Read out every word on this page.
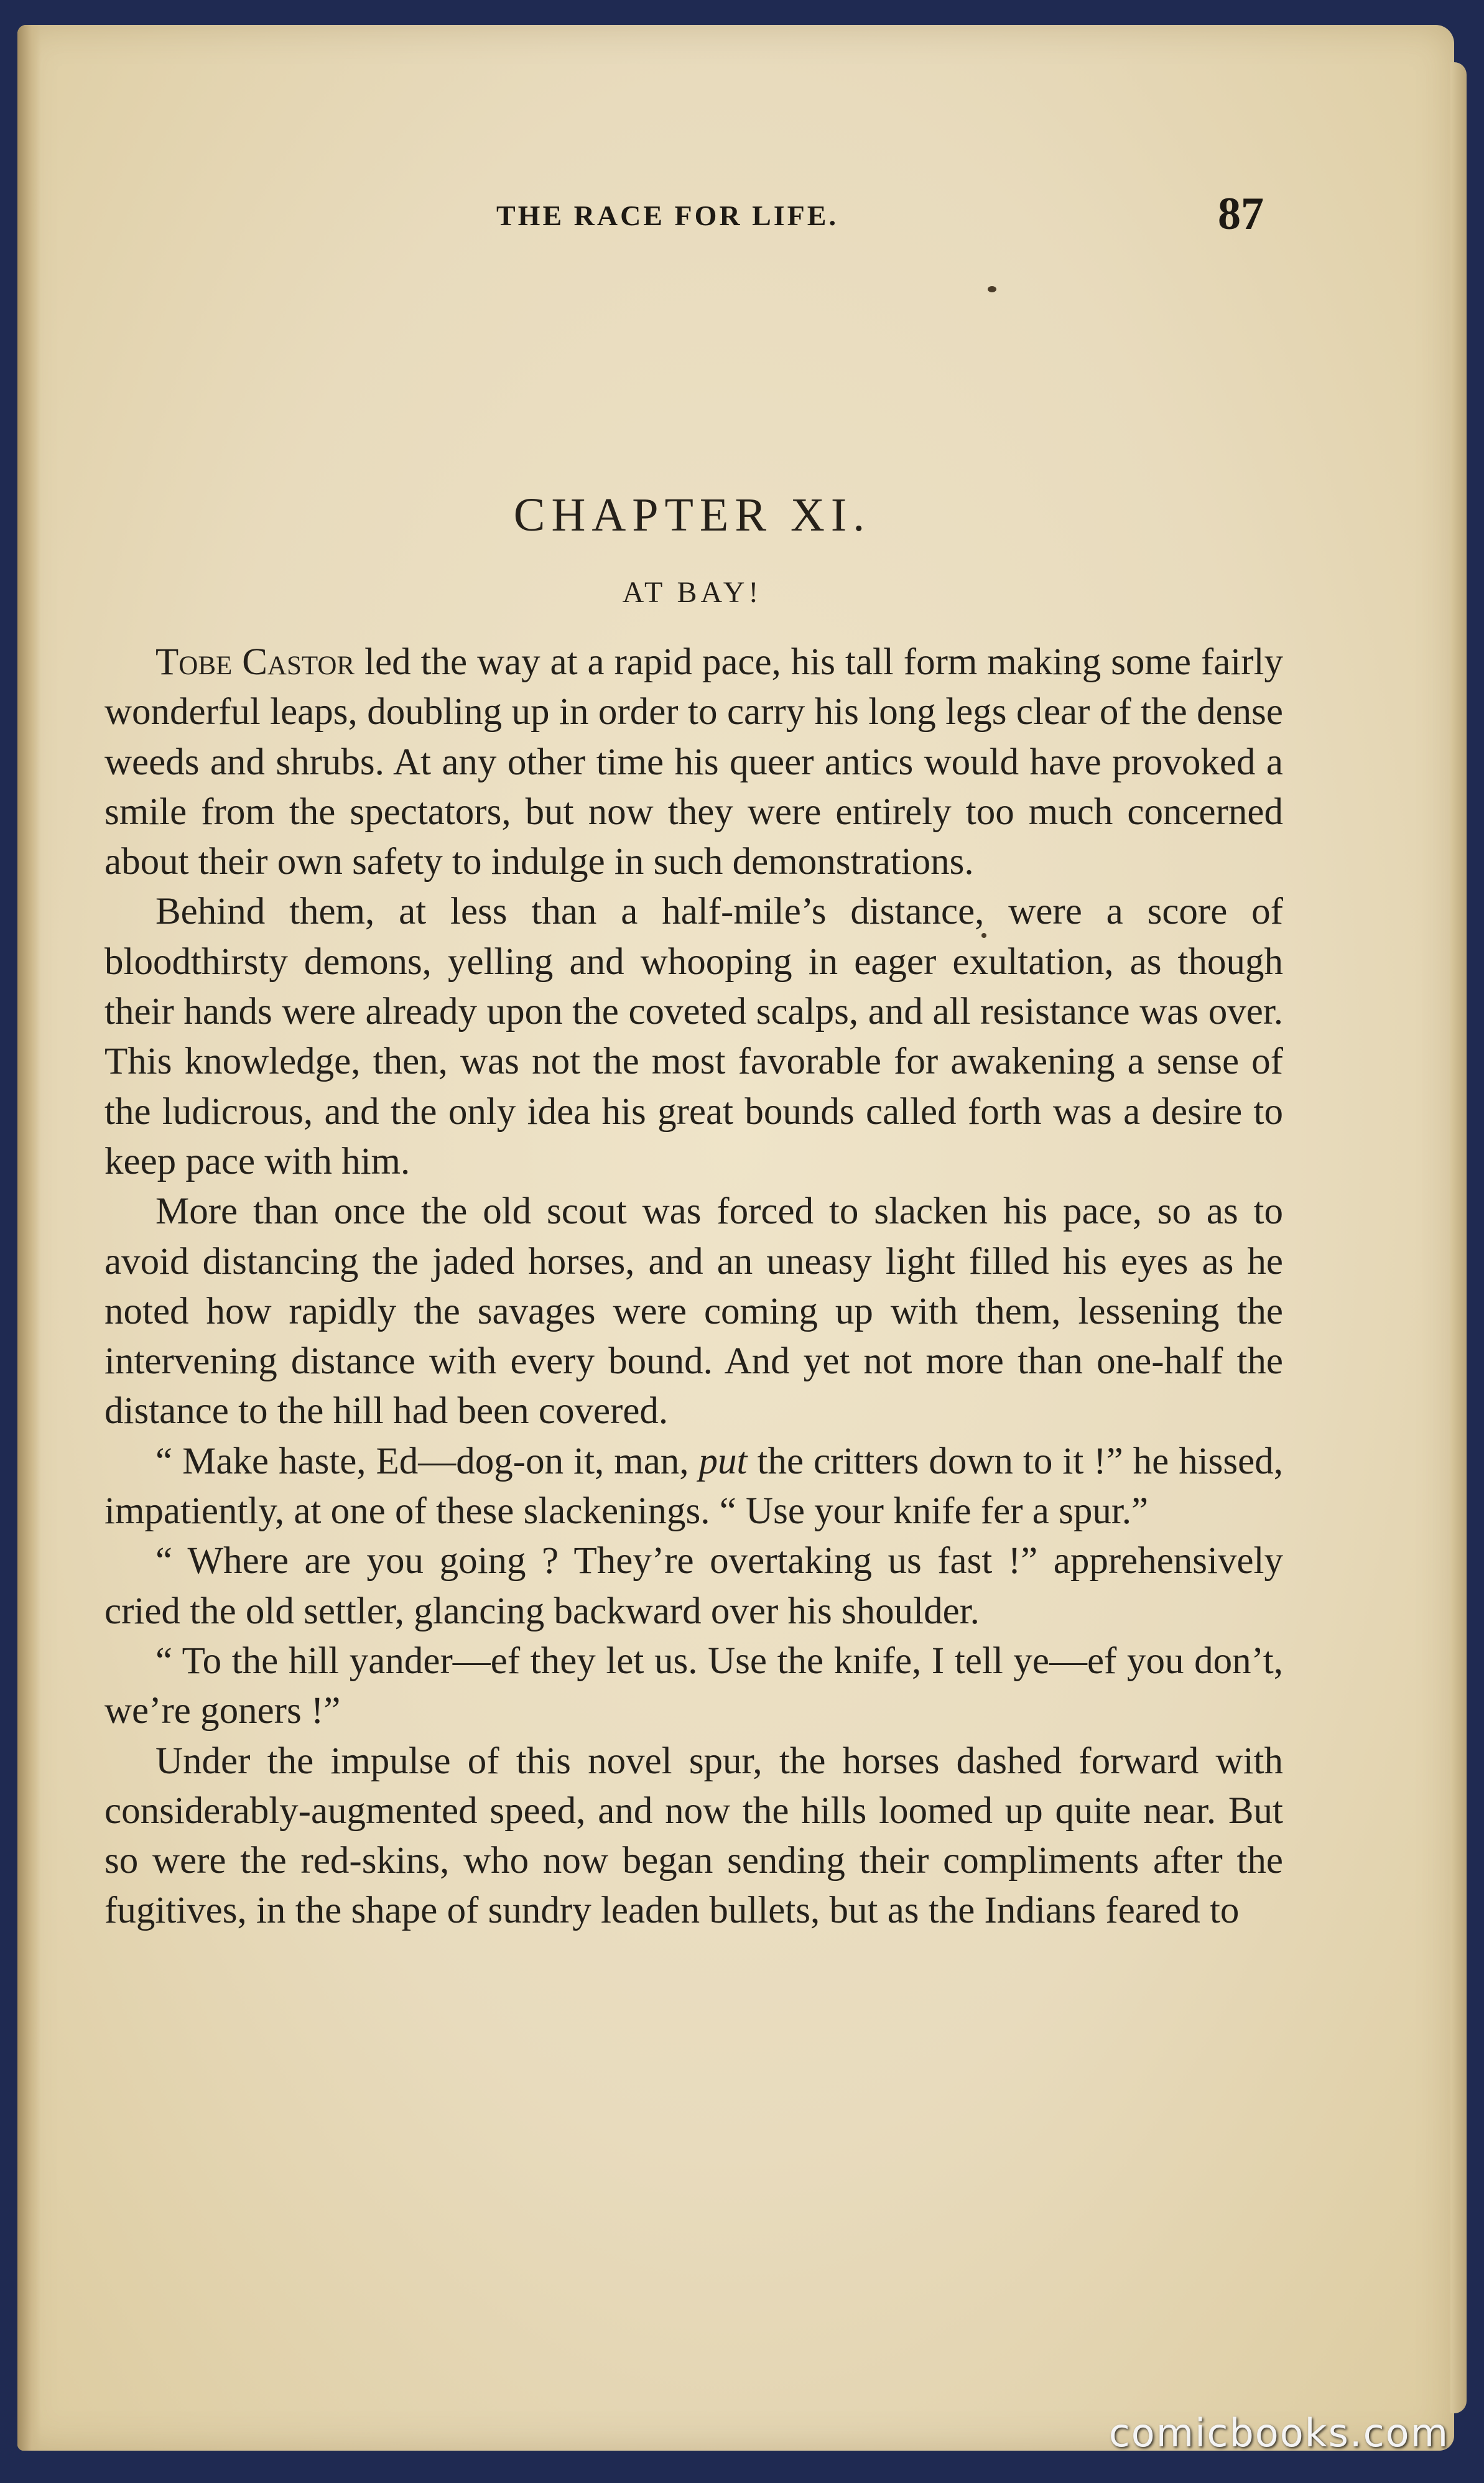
THE RACE FOR LIFE.	87
CHAPTER XI.
AT BAY!

Tobe Castor led the way at a rapid pace, his tall form making some fairly wonderful leaps, doubling up in order to carry his long legs clear of the dense weeds and shrubs. At any other time his queer antics would have provoked a smile from the spectators, but now they were entirely too much concerned about their own safety to indulge in such demonstrations.

Behind them, at less than a half-mile’s distance, were a score of bloodthirsty demons, yelling and whooping in eager exultation, as though their hands were already upon the coveted scalps, and all resistance was over. This knowledge, then, was not the most favorable for awakening a sense of the ludicrous, and the only idea his great bounds called forth was a desire to keep pace with him.

More than once the old scout was forced to slacken his pace, so as to avoid distancing the jaded horses, and an uneasy light filled his eyes as he noted how rapidly the savages were coming up with them, lessening the intervening distance with every bound. And yet not more than one-half the distance to the hill had been covered.

“ Make haste, Ed—dog-on it, man, put the critters down to it !” he hissed, impatiently, at one of these slackenings. “ Use your knife fer a spur.”

“ Where are you going ? They’re overtaking us fast !” apprehensively cried the old settler, glancing backward over his shoulder.

“ To the hill yander—ef they let us. Use the knife, I tell ye—ef you don’t, we’re goners !”

Under the impulse of this novel spur, the horses dashed forward with considerably-augmented speed, and now the hills loomed up quite near. But so were the red-skins, who now began sending their compliments after the fugitives, in the shape of sundry leaden bullets, but as the Indians feared to

comicbooks.com
